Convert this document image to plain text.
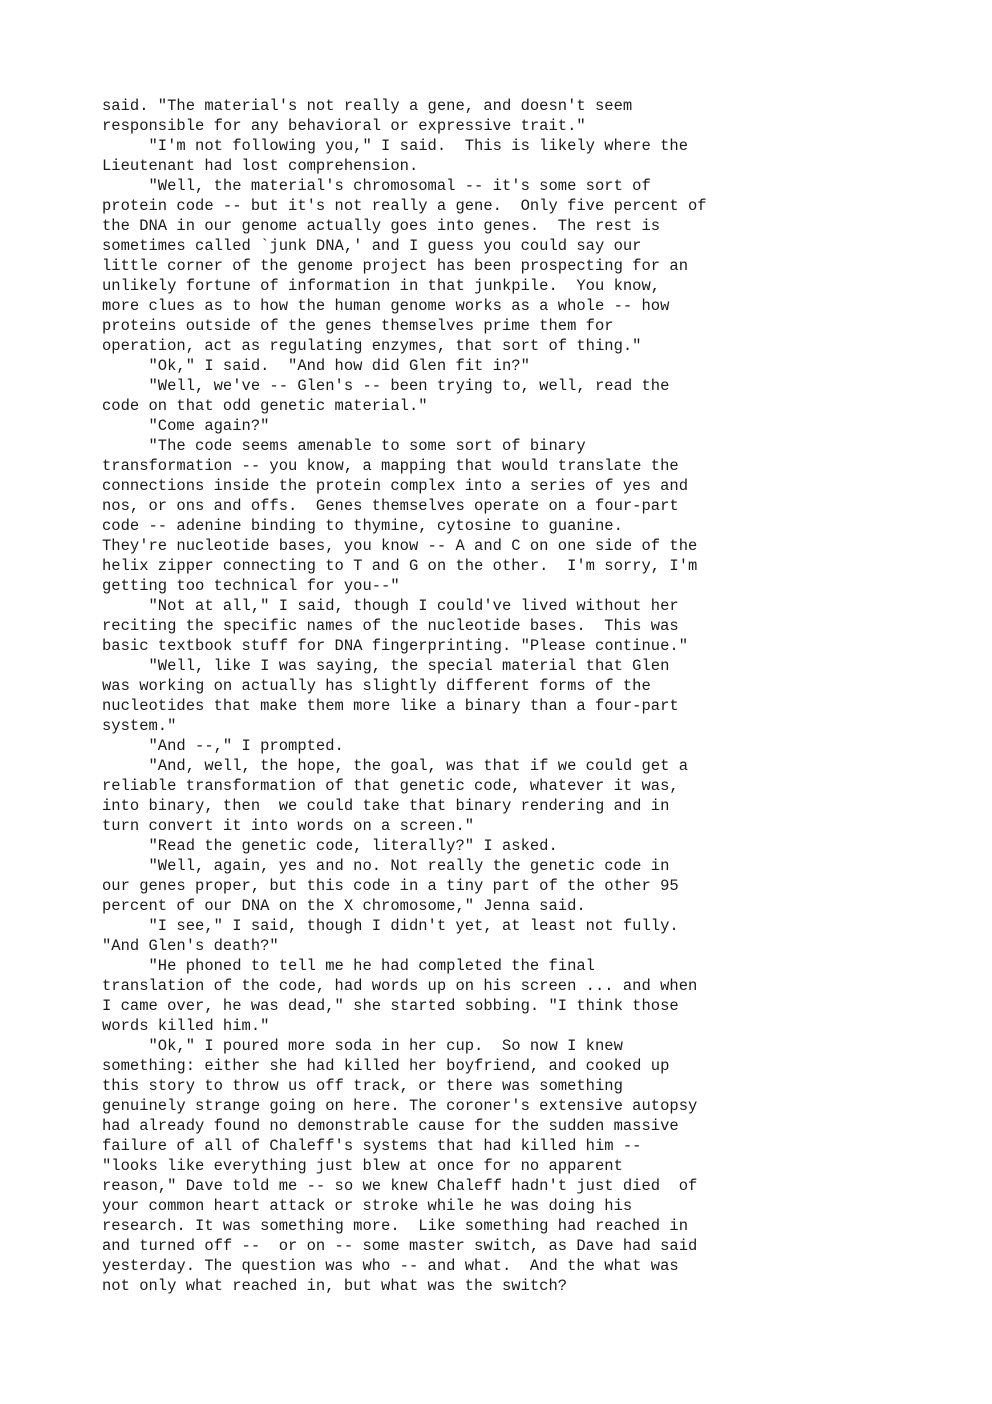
said. "The material's not really a gene, and doesn't seem
responsible for any behavioral or expressive trait."
"I'm not following you," I said.  This is likely where the
Lieutenant had lost comprehension.
"Well, the material's chromosomal -- it's some sort of
protein code -- but it's not really a gene.  Only five percent of
the DNA in our genome actually goes into genes.  The rest is
sometimes called `junk DNA,' and I guess you could say our
little corner of the genome project has been prospecting for an
unlikely fortune of information in that junkpile.  You know,
more clues as to how the human genome works as a whole -- how
proteins outside of the genes themselves prime them for
operation, act as regulating enzymes, that sort of thing."
"Ok," I said.  "And how did Glen fit in?"
"Well, we've -- Glen's -- been trying to, well, read the
code on that odd genetic material."
"Come again?"
"The code seems amenable to some sort of binary
transformation -- you know, a mapping that would translate the
connections inside the protein complex into a series of yes and
nos, or ons and offs.  Genes themselves operate on a four-part
code -- adenine binding to thymine, cytosine to guanine.
They're nucleotide bases, you know -- A and C on one side of the
helix zipper connecting to T and G on the other.  I'm sorry, I'm
getting too technical for you--"
"Not at all," I said, though I could've lived without her
reciting the specific names of the nucleotide bases.  This was
basic textbook stuff for DNA fingerprinting. "Please continue."
"Well, like I was saying, the special material that Glen
was working on actually has slightly different forms of the
nucleotides that make them more like a binary than a four-part
system."
"And --," I prompted.
"And, well, the hope, the goal, was that if we could get a
reliable transformation of that genetic code, whatever it was,
into binary, then  we could take that binary rendering and in
turn convert it into words on a screen."
"Read the genetic code, literally?" I asked.
"Well, again, yes and no. Not really the genetic code in
our genes proper, but this code in a tiny part of the other 95
percent of our DNA on the X chromosome," Jenna said.
"I see," I said, though I didn't yet, at least not fully.
"And Glen's death?"
"He phoned to tell me he had completed the final
translation of the code, had words up on his screen ... and when
I came over, he was dead," she started sobbing. "I think those
words killed him."
"Ok," I poured more soda in her cup.  So now I knew
something: either she had killed her boyfriend, and cooked up
this story to throw us off track, or there was something
genuinely strange going on here. The coroner's extensive autopsy
had already found no demonstrable cause for the sudden massive
failure of all of Chaleff's systems that had killed him --
"looks like everything just blew at once for no apparent
reason," Dave told me -- so we knew Chaleff hadn't just died  of
your common heart attack or stroke while he was doing his
research. It was something more.  Like something had reached in
and turned off --  or on -- some master switch, as Dave had said
yesterday. The question was who -- and what.  And the what was
not only what reached in, but what was the switch?
